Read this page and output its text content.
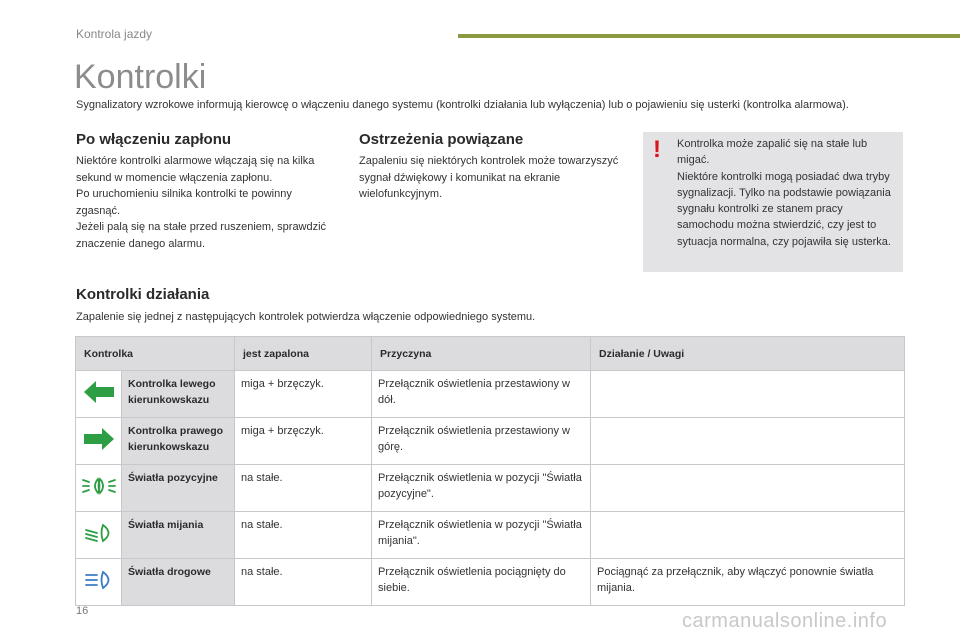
Kontrola jazdy
Kontrolki
Sygnalizatory wzrokowe informują kierowcę o włączeniu danego systemu (kontrolki działania lub wyłączenia) lub o pojawieniu się usterki (kontrolka alarmowa).
Po włączeniu zapłonu

Niektóre kontrolki alarmowe włączają się na kilka sekund w momencie włączenia zapłonu.

Po uruchomieniu silnika kontrolki te powinny zgasnąć.

Jeżeli palą się na stałe przed ruszeniem, sprawdzić znaczenie danego alarmu.

Ostrzeżenia powiązane

Zapaleniu się niektórych kontrolek może towarzyszyć sygnał dźwiękowy i komunikat na ekranie wielofunkcyjnym.

! Kontrolka może zapalić się na stałe lub migać.

Niektóre kontrolki mogą posiadać dwa tryby sygnalizacji. Tylko na podstawie powiązania sygnału kontrolki ze stanem pracy samochodu można stwierdzić, czy jest to sytuacja normalna, czy pojawiła się usterka.

Kontrolki działania
Zapalenie się jednej z następujących kontrolek potwierdza włączenie odpowiedniego systemu.
Kontrolka		jest zapalona	Przyczyna	Działanie / Uwagi
	Kontrolka lewego kierunkowskazu	miga + brzęczyk.	Przełącznik oświetlenia przestawiony w dół.	
	Kontrolka prawego kierunkowskazu	miga + brzęczyk.	Przełącznik oświetlenia przestawiony w górę.	
	Światła pozycyjne	na stałe.	Przełącznik oświetlenia w pozycji "Światła pozycyjne".	
	Światła mijania	na stałe.	Przełącznik oświetlenia w pozycji "Światła mijania".	
	Światła drogowe	na stałe.	Przełącznik oświetlenia pociągnięty do siebie.	Pociągnąć za przełącznik, aby włączyć ponownie światła mijania.
16	carmanualsonline.info
